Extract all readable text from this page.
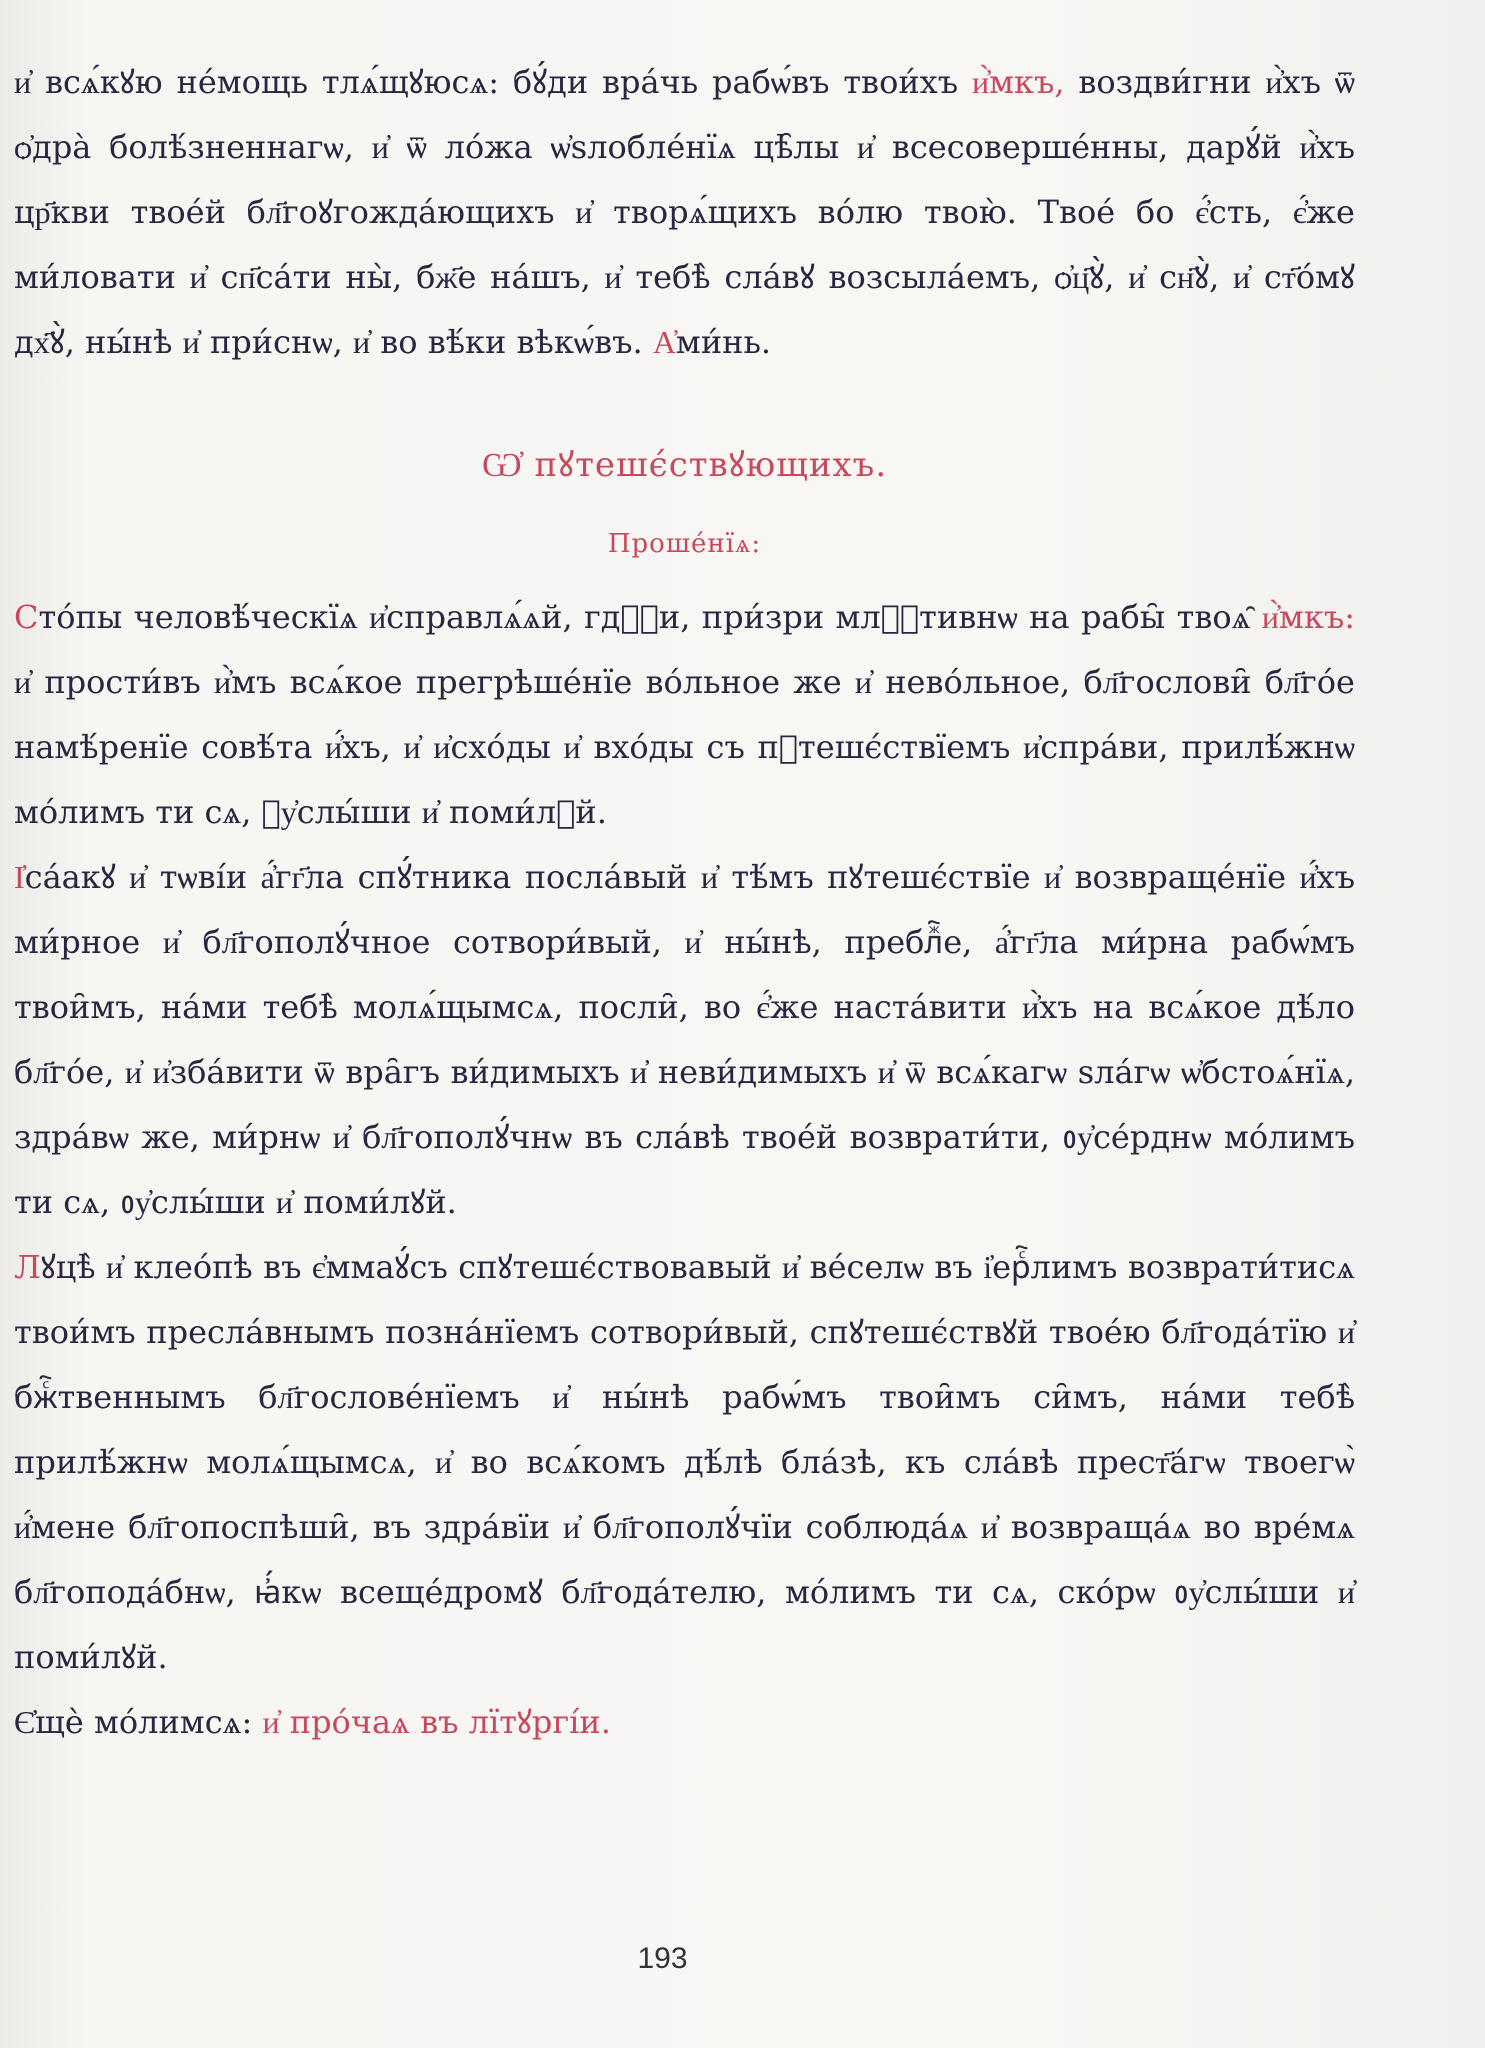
и҆ всѧ́кꙋю не́мощь тлѧ́щꙋюсѧ: бꙋ́ди вра́чь рабѡ́въ твои́хъ и҆̀мкъ, воздви́гни и҆̀хъ ѿ ѻ҆дра̀ болѣ́зненнагѡ, и҆ ѿ ло́жа ѡ҆ѕлобле́нїѧ цѣ̑лы и҆ всесоверше́нны, дарꙋ́й и҆̀хъ цр҃кви твое́й бл҃гоꙋгожда́ющихъ и҆ творѧ́щихъ во́лю твою̀. Твое́ бо є҆́сть, є҆́же ми́ловати и҆ сп҃са́ти ны̀, бж҃е на́шъ, и҆ тебѣ̀ сла́вꙋ возсыла́емъ, ѻ҆ц҃ꙋ̀, и҆ сн҃ꙋ̀, и҆ ст҃о́мꙋ дх҃ꙋ̀, ны́нѣ и҆ при́снѡ, и҆ во вѣ́ки вѣкѡ́въ. А҆ми́нь.

Ѡ҆ пꙋтешє́ствꙋющихъ.
Проше́нїѧ:

Сто́пы человѣ́ческїѧ и҆справлѧ́ѧй, гдⷭ҇и, при́зри млⷭ҇тивнѡ на рабы̑ твоѧ̑ и҆̀мкъ: и҆ прости́въ и҆̀мъ всѧ́кое прегрѣше́нїе во́льное же и҆ нево́льное, бл҃гослови̑ бл҃го́е намѣ́ренїе совѣ́та и҆́хъ, и҆ и҆схо́ды и҆ вхо́ды съ пꙋтешє́ствїемъ и҆спра́ви, прилѣ́жнѡ мо́лимъ ти сѧ, ᲂу҆слы́ши и҆ поми́лꙋй.

І҆са́акꙋ и҆ тѡві́и а҆́гг҃ла спꙋ́тника посла́вый и҆ тѣ́мъ пꙋтешє́ствїе и҆ возвраще́нїе и҆́хъ ми́рное и҆ бл҃гополꙋ́чное сотвори́вый, и҆ ны́нѣ, преблⷤ҇е, а҆́гг҃ла ми́рна рабѡ́мъ твои̑мъ, на́ми тебѣ̀ молѧ́щымсѧ, посли̑, во є҆́же наста́вити и҆̀хъ на всѧ́кое дѣ́ло бл҃го́е, и҆ и҆зба́вити ѿ вра̑гъ ви́димыхъ и҆ неви́димыхъ и҆ ѿ всѧ́кагѡ ѕла́гѡ ѡ҆бстоѧ́нїѧ, здра́вѡ же, ми́рнѡ и҆ бл҃гополꙋ́чнѡ въ сла́вѣ твое́й возврати́ти, ᲂу҆се́рднѡ мо́лимъ ти сѧ, ᲂу҆слы́ши и҆ поми́лꙋй.

Лꙋцѣ̀ и҆ клео́пѣ въ є҆ммаꙋ́съ спꙋтешє́ствовавый и҆ ве́селѡ въ і҆ерⷭ҇лимъ возврати́тисѧ твои́мъ пресла́внымъ позна́нїемъ сотвори́вый, спꙋтешє́ствꙋй твое́ю бл҃года́тїю и҆ бжⷭ҇твеннымъ бл҃гослове́нїемъ и҆ ны́нѣ рабѡ́мъ твои̑мъ си̑мъ, на́ми тебѣ̀ прилѣ́жнѡ молѧ́щымсѧ, и҆ во всѧ́комъ дѣ́лѣ бла́зѣ, къ сла́вѣ прест҃а́гѡ твоегѡ̀ и҆́мене бл҃гопоспѣши̑, въ здра́вїи и҆ бл҃гополꙋ́чїи соблюда́ѧ и҆ возвраща́ѧ во вре́мѧ бл҃гопода́бнѡ, ꙗ҆́кѡ всеще́дромꙋ бл҃года́телю, мо́лимъ ти сѧ, ско́рѡ ᲂу҆слы́ши и҆ поми́лꙋй.

Є҆щѐ мо́лимсѧ: и҆ про́чаѧ въ лїтꙋргі́и.

193
